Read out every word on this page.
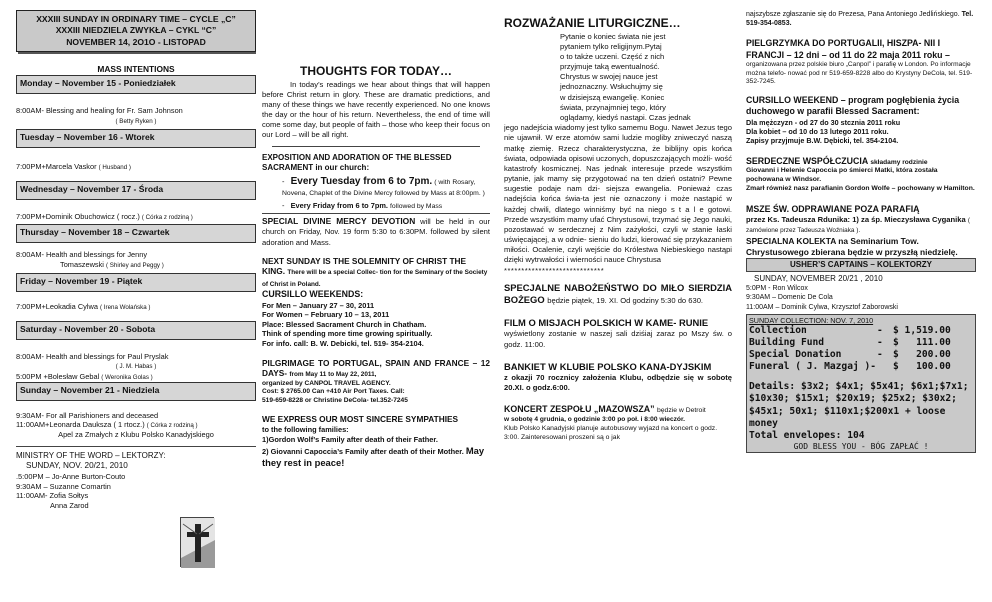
XXXIII SUNDAY IN ORDINARY TIME – CYCLE „C”
XXXIII NIEDZIELA ZWYKŁA – CYKL “C”
NOVEMBER 14, 2O1O - LISTOPAD
MASS INTENTIONS
Monday – November 15 - Poniedziałek
8:00AM- Blessing and healing for Fr. Sam Johnson
( Betty Ryken )
Tuesday – November 16 - Wtorek
7:00PM+Marcela Vaskor ( Husband )
Wednesday – November 17 - Środa
7:00PM+Dominik Obuchowicz ( rocz.) ( Córka z rodziną )
Thursday – November 18 – Czwartek
8:00AM- Health and blessings for Jenny
Tomaszewski ( Shirley and Peggy )
Friday – November 19 - Piątek
7:00PM+Leokadia Cylwa ( Irena Wolańska )
Saturday - November 20 - Sobota
8:00AM- Health and blessings for Paul Pryslak
( J. M. Habas )
5:00PM +Bolesław Gebal ( Weronika Golas )
Sunday – November 21 - Niedziela
9:30AM- For all Parishioners and deceased
11:00AM+Leonarda Dauksza ( 1 rtocz.) ( Córka z rodziną )
Apel za Zmałych z Klubu Polsko Kanadyjskiego
MINISTRY OF THE WORD – LEKTORZY:
SUNDAY, NOV. 20/21, 2010
.5:00PM – Jo-Anne Burton-Couto
9:30AM – Suzanne Comartin
11:00AM- Zofia Sołtys
Anna Zarod
THOUGHTS FOR TODAY…
In today’s readings we hear about things that will happen before Christ return in glory. These are dramatic predictions, and many of these things we have recently experienced. No one knows the day or the hour of his return. Nevertheless, the end of time will come some day, but people of faith – those who keep their focus on our Lord – will be all right.
EXPOSITION AND ADORATION OF THE BLESSED SACRAMENT in our church:
-   Every Tuesday from 6 to 7pm. ( with Rosary, Novena, Chaplet of the Divine Mercy followed by Mass at 8:00pm. )
-   Every Friday from 6 to 7pm. followed by Mass
SPECIAL DIVINE MERCY DEVOTION will be held in our church on Friday, Nov. 19 form 5:30 to 6:30PM. followed by silent adoration and Mass.
NEXT SUNDAY IS THE SOLEMNITY OF CHRIST THE KING. There will be a special Collec- tion for the Seminary of the Society of Christ in Poland.
CURSILLO WEEKENDS:
For Men – January 27 – 30, 2011
For Women – February 10 – 13, 2011
Place: Blessed Sacrament Church in Chatham.
Think of spending more time growing spiritually.
For info. call: B. W. Debicki, tel. 519- 354-2104.
PILGRIMAGE TO PORTUGAL, SPAIN AND FRANCE – 12 DAYS- from May 11 to May 22, 2011,
organized by CANPOL TRAVEL AGENCY.
Cost: $ 2765.00 Can +410 Air Port Taxes. Call:
519-659-8228 or Christine DeCola- tel.352-7245
WE EXPRESS OUR MOST SINCERE SYMPATHIES
to the following families:
1)Gordon Wolf’s Family after death of their Father.
2) Giovanni Capoccia’s Family after death of their Mother. May they rest in peace!
ROZWAŻANIE LITURGICZNE…
Pytanie o koniec świata nie jest
pytaniem tylko religijnym.Pytaj
o to także uczeni. Część z nich
przyjmuje taką ewentualność.
Chrystus w swojej nauce jest
jednoznaczny. Wsłuchujmy się
w dzisiejszą ewangelię. Koniec
świata, przynajmniej tego, który
oglądamy, kiedyś nastąpi. Czas jednak
jego nadejścia wiadomy jest tylko samemu Bogu. Nawet Jezus tego nie ujawnił. W erze atomów sami ludzie mogliby zniweczyć naszą matkę ziemię. Rzecz charakterystyczna, że biblijny opis końca świata, odpowiada opisowi uczonych, dopuszczających możli- wość katastrofy kosmicznej. Nas jednak interesuje przede wszystkim pytanie, jak mamy się przygotować na ten dzień ostatni? Pewne sugestie podaje nam dzi- siejsza ewangelia. Ponieważ czas nadejścia końca świa-ta jest nie oznaczony i może nastąpić w każdej chwili, dlatego winniśmy być na niego s t a l e gotowi. Przede wszystkim mamy ufać Chrystusowi, trzymać się Jego nauki, pozostawać w serdecznej z Nim zażyłości, czyli w stanie łaski uświęcającej, a w odnie- sieniu do ludzi, kierować się przykazaniem miłości. Ocalenie, czyli wejście do Królestwa Niebieskiego nastąpi dzięki wytrwałości i wierności nauce Chrystusa
*****************************
SPECJALNE NABOŻEŃSTWO DO MIŁO SIERDZIA BOŻEGO będzie piątek, 19. XI. Od godziny 5:30 do 630.
FILM O MISJACH POLSKICH W KAME- RUNIE
wyświetlony zostanie w naszej sali dziśiaj zaraz po Mszy św. o godz. 11:00.
BANKIET W KLUBIE POLSKO KANA-DYJSKIM
z okazji 70 rocznicy założenia Klubu, odbędzie się w sobotę 20.XI. o godz.6:00.
KONCERT ZESPOŁU „MAZOWSZA” będzie w Detroit
w sobotę 4 grudnia, o godzinie 3:00 po poł. i 8:00 wieczór.
Klub Polsko Kanadyjski planuje autobusowy wyjazd na koncert o godz. 3:00. Zainteresowani proszeni są o jak
najszybsze zgłaszanie się do Prezesa, Pana Antoniego Jedlińskiego. Tel. 519-354-0853.
PIELGRZYMKA DO PORTUGALII, HISZPA- NII I FRANCJI – 12 dni – od 11 do 22 maja 2011 roku –
organizowana przez polskie biuro „Canpol” i parafię w London. Po informacje można telefo- nować pod nr 519-659-8228 albo do Krystyny DeCola, tel. 519-352-7245.
CURSILLO WEEKEND – program pogłębienia życia duchowego w parafii Blessed Sacrament:
Dla mężczyzn - od 27 do 30 stcznia 2011 roku
Dla kobiet – od 10 do 13 lutego 2011 roku.
Zapisy przyjmuje B.W. Dębicki, tel. 354-2104.
SERDECZNE WSPÓŁCZUCIA składamy rodzinie
Giovanni i Helenie Capoccia po śmierci Matki, która została pochowana w Windsor.
Zmarł również nasz parafianin Gordon Wolfe – pochowany w Hamilton.
MSZE ŚW. ODPRAWIANE POZA PARAFIĄ
przez Ks. Tadeusza Rdunika: 1) za śp. Mieczysława Cyganika ( zamówione przez Tadeusza Woźniaka ).
SPECIALNA KOLEKTA na Seminarium Tow. Chrystusowego zbierana będzie w przyszłą niedzielę.
USHER’S CAPTAINS – KOLEKTORZY
SUNDAY, NOVEMBER 20/21 , 2010
5:0PM - Ron Wilcox
9:30AM – Domenic De Cola
11:00AM – Dominik Cylwa, Krzysztof Zaborowski
SUNDAY COLLECTION: NOV. 7, 2010
Collection	-	$ 1,519.00
Building Fund	-	$   111.00
Special Donation	-	$   200.00
Funeral ( J. Mazgaj )-	$   100.00
Details: $3x2; $4x1; $5x41; $6x1;$7x1; $10x30; $15x1; $20x19; $25x2; $30x2; $45x1; 50x1; $110x1;$200x1 + loose money
Total envelopes: 104
GOD BLESS YOU - BÓG ZAPŁAĆ !
